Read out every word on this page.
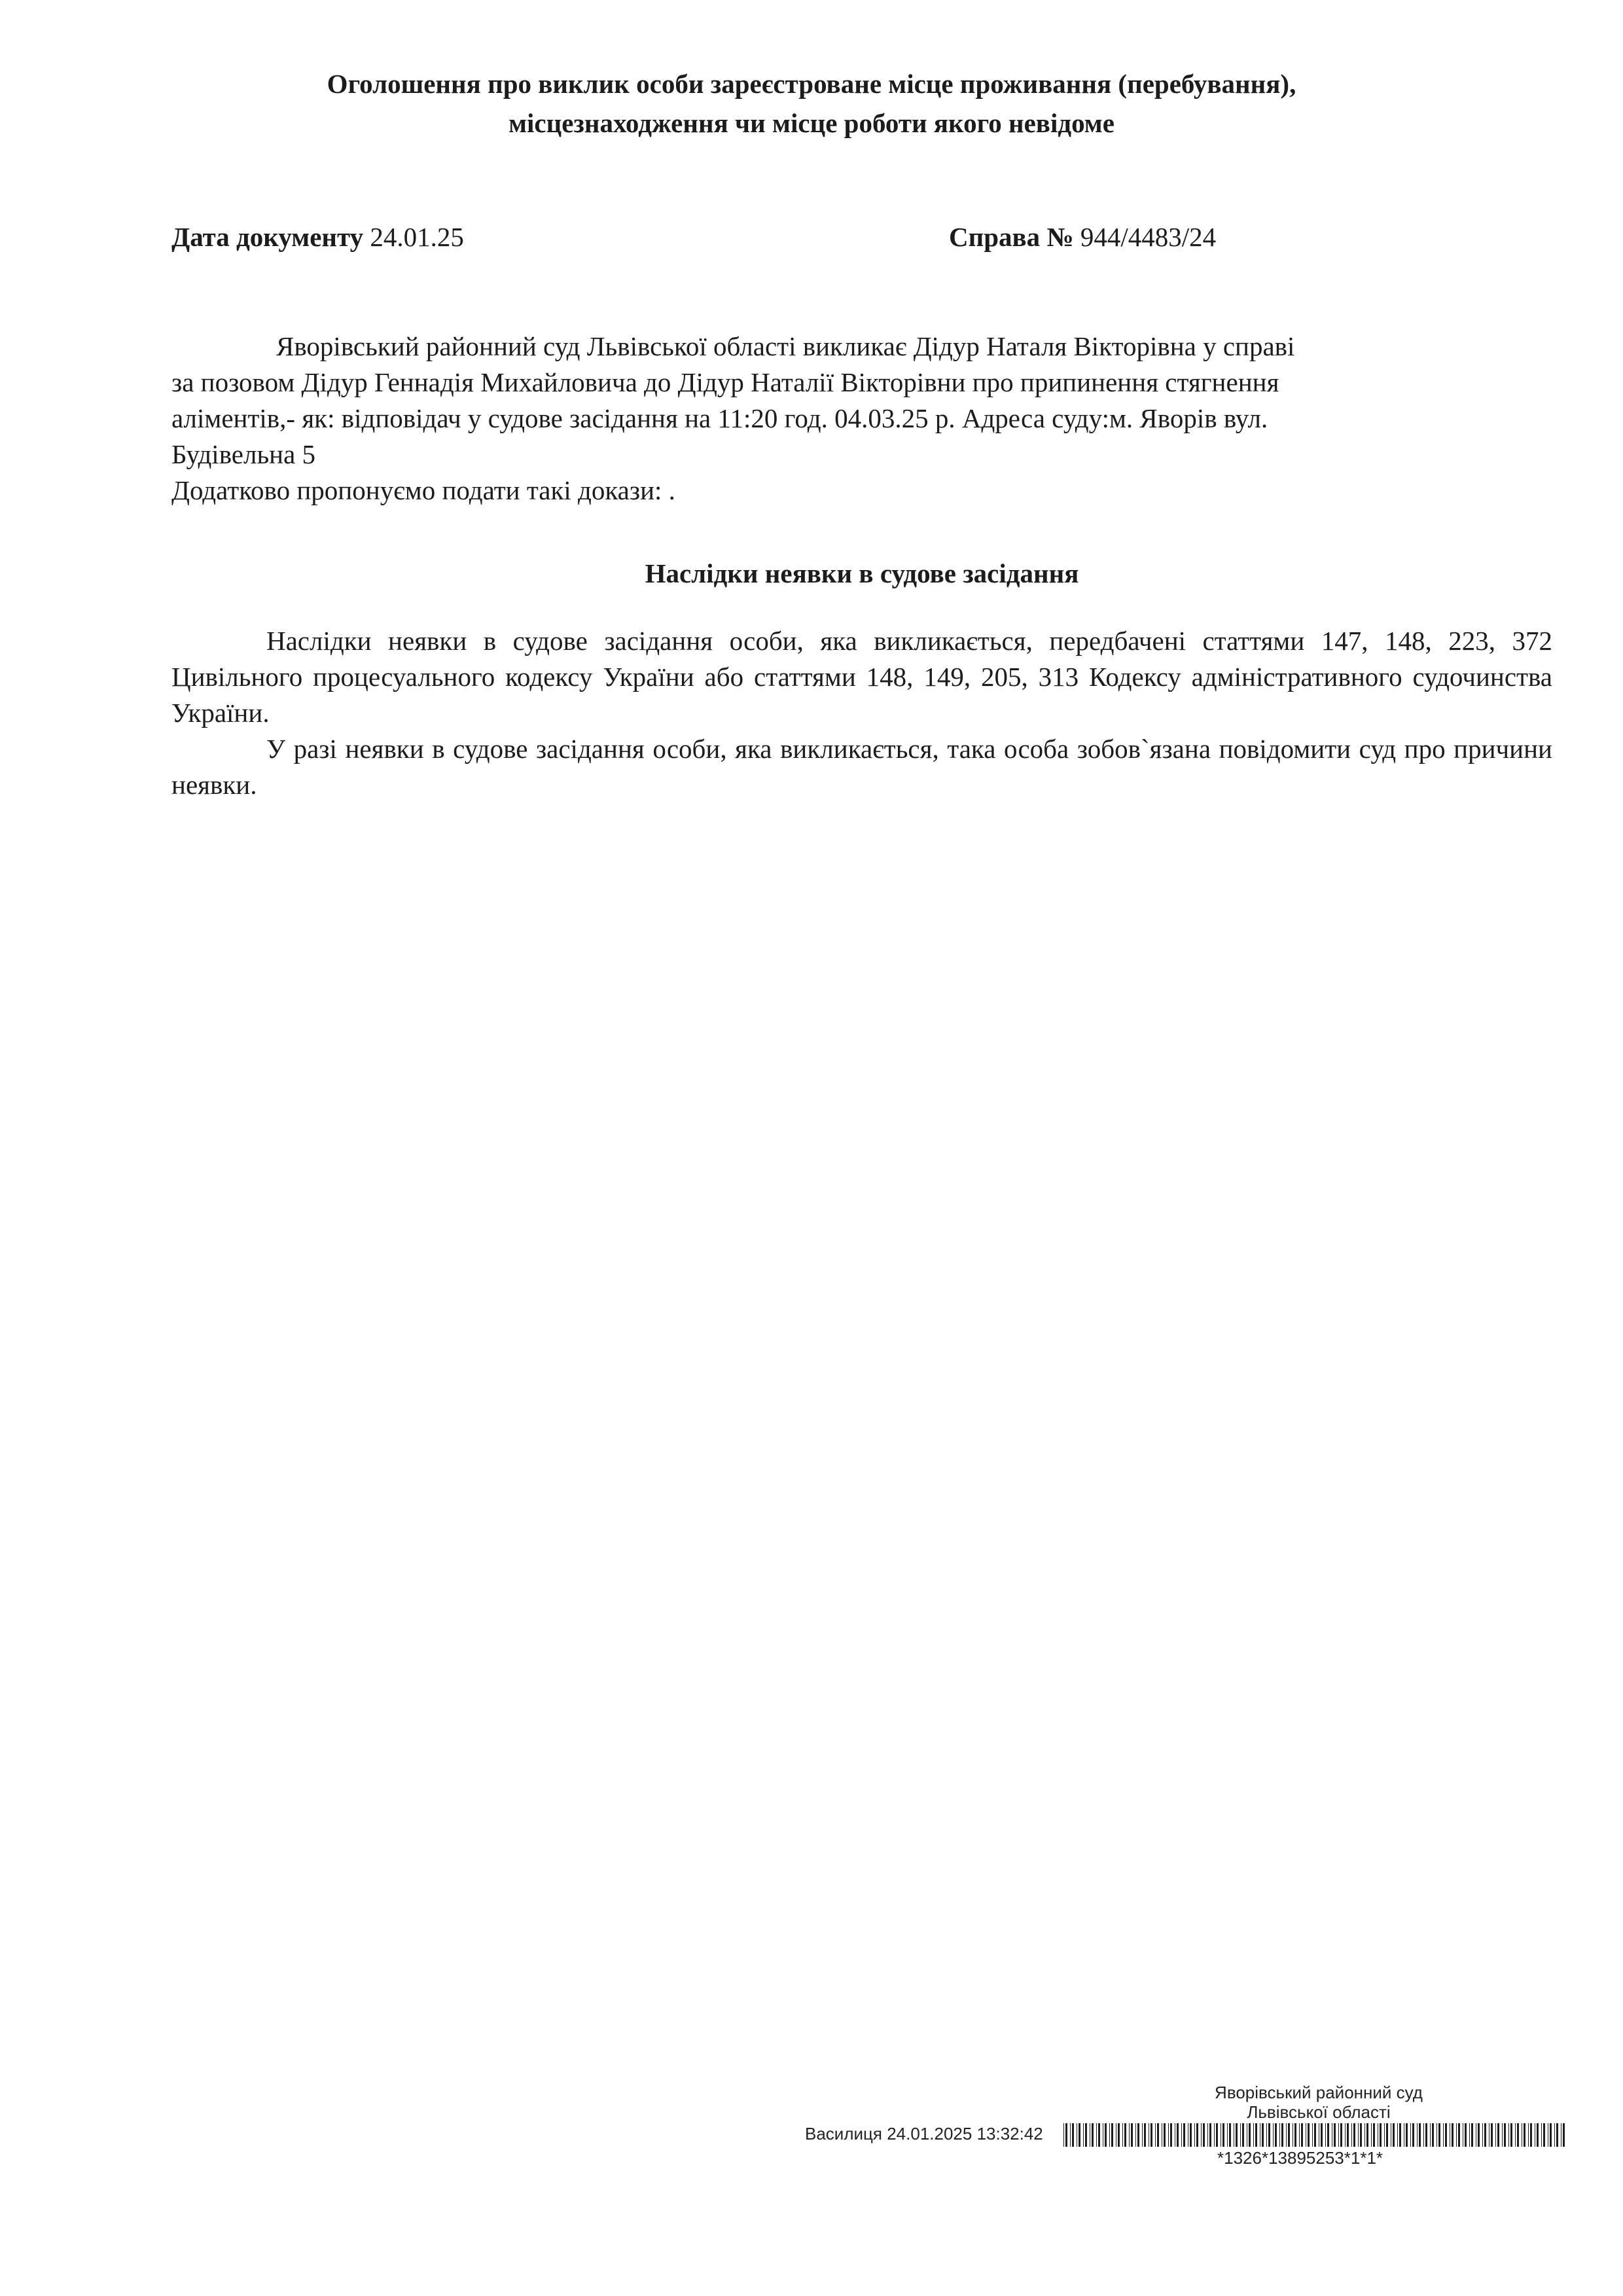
Оголошення про виклик особи зареєстроване місце проживання (перебування),
місцезнаходження чи місце роботи якого невідоме
Дата документу 24.01.25	Справа № 944/4483/24
Яворівський районний суд Львівської області викликає Дідур Наталя Вікторівна у справі
за позовом Дідур Геннадія Михайловича до Дідур Наталії Вікторівни про припинення стягнення
аліментів,- як: відповідач у судове засідання на 11:20 год. 04.03.25 р. Адреса суду:м. Яворів вул.
Будівельна 5
Додатково пропонуємо подати такі докази: .
Наслідки неявки в судове засідання

Наслідки неявки в судове засідання особи, яка викликається, передбачені статтями 147, 148, 223, 372 Цивільного процесуального кодексу України або статтями 148, 149, 205, 313 Кодексу адміністративного судочинства України.

У разі неявки в судове засідання особи, яка викликається, така особа зобов`язана повідомити суд про причини неявки.

Яворівський районний суд
Львівської області
Василиця 24.01.2025 13:32:42
*1326*13895253*1*1*
